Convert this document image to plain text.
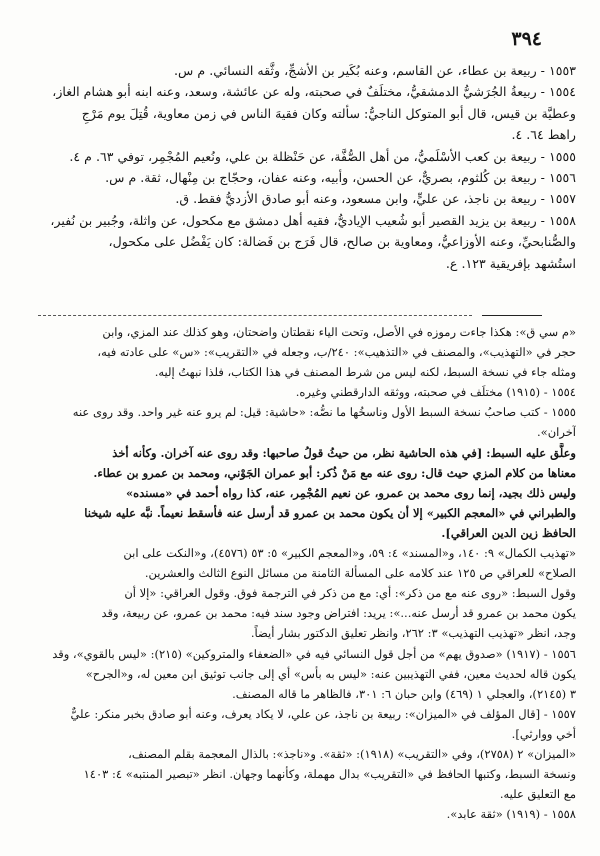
٣٩٤
١٥٥٣ - ربيعة بن عطاء، عن القاسم، وعنه بُكَير بن الأشجِّ، وثَّقه النسائي. م س.
١٥٥٤ - ربيعةُ الجُرَشيُّ الدمشقيُّ، مختلَفٌ في صحبته، وله عن عائشة، وسعد، وعنه ابنه أبو هشام الغاز،
وعطيَّة بن قيس، قال أبو المتوكل الناجيُّ: سألته وكان فقيهَ الناس في زمن معاوية، قُتِلَ يوم مَرْجِ
راهط ٦٤. ٤.
١٥٥٥ - ربيعة بن كعب الأسْلَميُّ، من أهل الصُّفَّة، عن حَنْظلة بن علي، ونُعيم المُجْمِر، توفي ٦٣. م ٤.
١٥٥٦ - ربيعة بن كُلثوم، بصريٌّ، عن الحسن، وأبيه، وعنه عفان، وحجّاج بن مِنْهال، ثقة. م س.
١٥٥٧ - ربيعة بن ناجذ، عن عليٍّ، وابن مسعود، وعنه أبو صادق الأزديُّ فقط. ق.
١٥٥٨ - ربيعة بن يزيد القصير أبو شُعيب الإياديُّ، فقيه أهل دمشق مع مكحول، عن واثلة، وجُبير بن نُفير،
والصُّنابحيِّ، وعنه الأوزاعيُّ، ومعاوية بن صالح، قال فَرَج بن فَضالة: كان يَفْضُل على مكحول،
استُشهد بإفريقية ١٢٣. ع.
«م سي ق»: هكذا جاءت رموزه في الأصل، وتحت الياء نقطتان واضحتان، وهو كذلك عند المزي، وابن
حجر في «التهذيب»، والمصنف في «التذهيب»: ٢٤٠/ب، وجعله في «التقريب»: «س» على عادته فيه،
ومثله جاء في نسخة السبط، لكنه ليس من شرط المصنف في هذا الكتاب، فلذا نبهتُ إليه.
١٥٥٤ - (١٩١٥) مختلَف في صحبته، ووثقه الدارقطني وغيره.
١٥٥٥ - كتب صاحبُ نسخة السبط الأول وناسخُها ما نصُّه: «حاشية: قيل: لم يرو عنه غير واحد. وقد روى عنه
آخران».
وعلَّق عليه السبط: [في هذه الحاشية نظر، من حيثُ قولُ صاحبها: وقد روى عنه آخران. وكأنه أخذ
معناها من كلام المزي حيث قال: روى عنه مع مَنْ ذُكر: أبو عمران الجَوْني، ومحمد بن عمرو بن عطاء.
وليس ذلك بجيد، إنما روى محمد بن عمرو، عن نعيم المُجْمِر، عنه، كذا رواه أحمد في «مسنده»
والطبراني في «المعجم الكبير» إلا أن يكون محمد بن عمرو قد أرسل عنه فأسقط نعيماً. نبَّه عليه شيخنا
الحافظ زين الدين العراقي].
«تهذيب الكمال» ٩: ١٤٠، و«المسند» ٤: ٥٩، و«المعجم الكبير» ٥: ٥٣ (٤٥٧٦)، و«النكت على ابن
الصلاح» للعراقي ص ١٢٥ عند كلامه على المسألة الثامنة من مسائل النوع الثالث والعشرين.
وقول السبط: «روى عنه مع من ذكر»: أي: مع من ذكر في الترجمة فوق. وقول العراقي: «إلا أن
يكون محمد بن عمرو قد أرسل عنه...»: يريد: افتراض وجود سند فيه: محمد بن عمرو، عن ربيعة، وقد
وجد، انظر «تهذيب التهذيب» ٣: ٢٦٢، وانظر تعليق الدكتور بشار أيضاً.
١٥٥٦ - (١٩١٧) «صدوق يهم» من أجل قول النسائي فيه في «الضعفاء والمتروكين» (٢١٥): «ليس بالقوي»، وقد
يكون قاله لحديث معين، ففي التهذيبين عنه: «ليس به بأس» أي إلى جانب توثيق ابن معين له، و«الجرح»
٣ (٢١٤٥)، والعجلي ١ (٤٦٩) وابن حبان ٦: ٣٠١، فالظاهر ما قاله المصنف.
١٥٥٧ - [قال المؤلف في «الميزان»: ربيعة بن ناجذ، عن علي، لا يكاد يعرف، وعنه أبو صادق بخبر منكر: عليٌّ
أخي ووارثي].
«الميزان» ٢ (٢٧٥٨)، وفي «التقريب» (١٩١٨): «ثقة». و«ناجذ»: بالذال المعجمة بقلم المصنف،
ونسخة السبط، وكتبها الحافظ في «التقريب» بدال مهملة، وكأنهما وجهان. انظر «تبصير المنتبه» ٤: ١٤٠٣
مع التعليق عليه.
١٥٥٨ - (١٩١٩) «ثقة عابد».
